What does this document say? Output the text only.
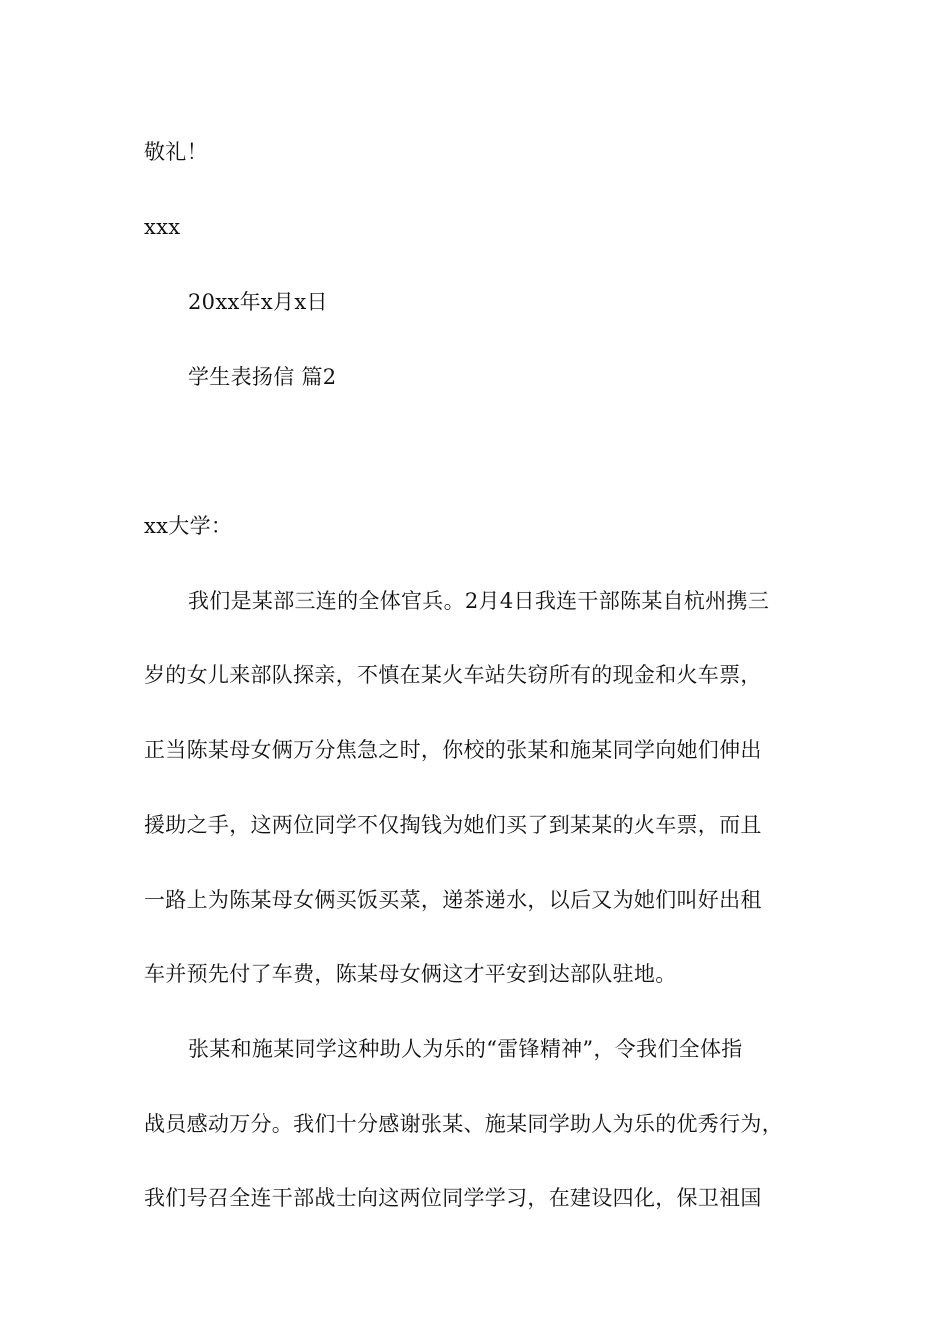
敬礼！
xxx
20xx年x月x日
学生表扬信 篇2
xx大学：
我们是某部三连的全体官兵。2月4日我连干部陈某自杭州携三
岁的女儿来部队探亲，不慎在某火车站失窃所有的现金和火车票，
正当陈某母女俩万分焦急之时，你校的张某和施某同学向她们伸出
援助之手，这两位同学不仅掏钱为她们买了到某某的火车票，而且
一路上为陈某母女俩买饭买菜，递茶递水，以后又为她们叫好出租
车并预先付了车费，陈某母女俩这才平安到达部队驻地。
张某和施某同学这种助人为乐的“雷锋精神”，令我们全体指
战员感动万分。我们十分感谢张某、施某同学助人为乐的优秀行为，
我们号召全连干部战士向这两位同学学习，在建设四化，保卫祖国
